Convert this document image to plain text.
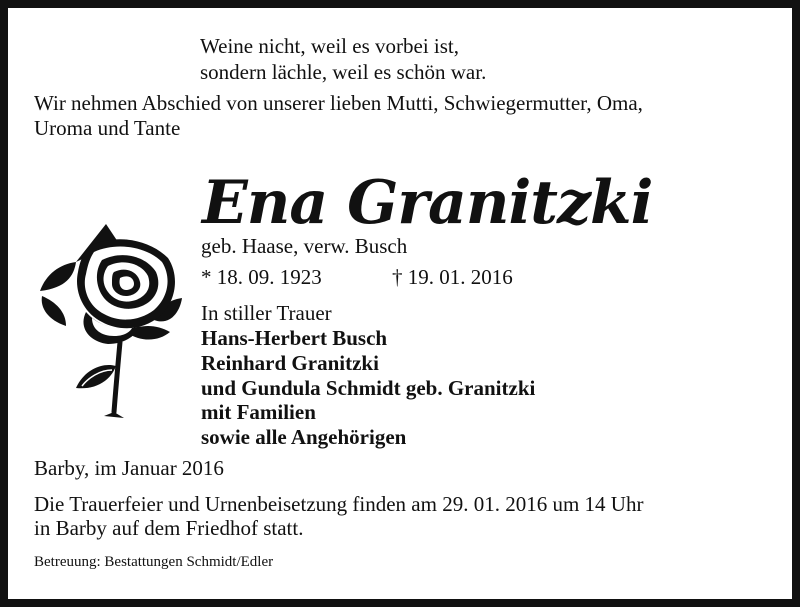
Weine nicht, weil es vorbei ist,
sondern lächle, weil es schön war.
Wir nehmen Abschied von unserer lieben Mutti, Schwiegermutter, Oma,
Uroma und Tante
Ena Granitzki
geb. Haase, verw. Busch
* 18. 09. 1923	† 19. 01. 2016
In stiller Trauer
Hans-Herbert Busch
Reinhard Granitzki
und Gundula Schmidt geb. Granitzki
mit Familien
sowie alle Angehörigen
Barby, im Januar 2016
Die Trauerfeier und Urnenbeisetzung finden am 29. 01. 2016 um 14 Uhr
in Barby auf dem Friedhof statt.
Betreuung: Bestattungen Schmidt/Edler
